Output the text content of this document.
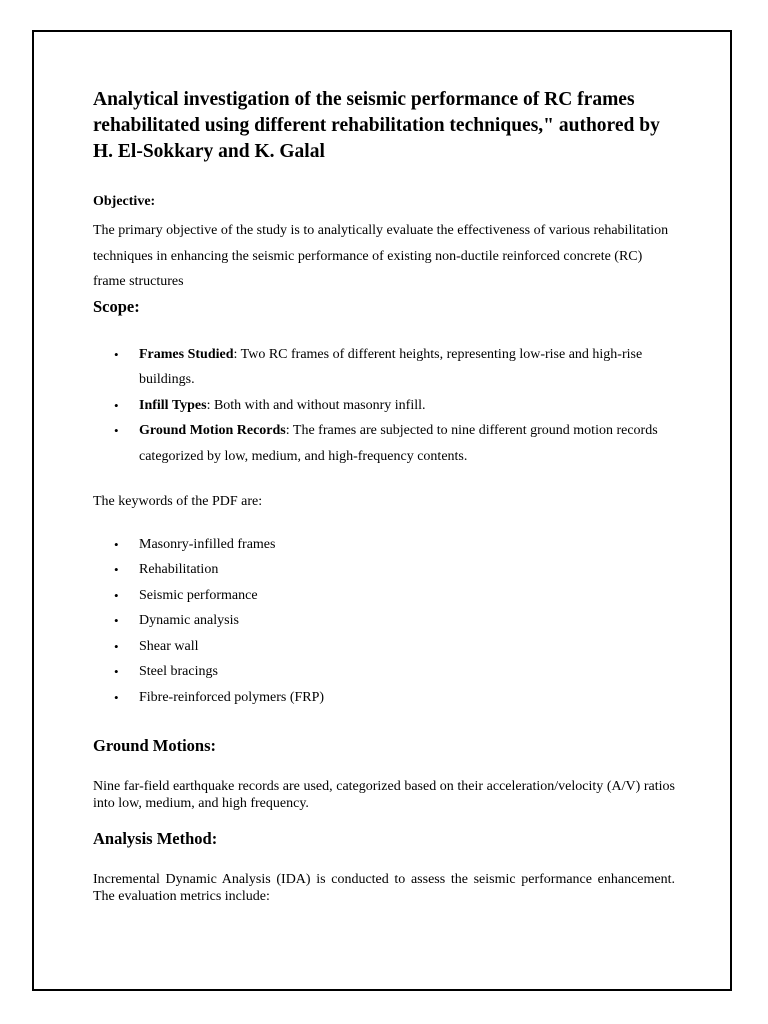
Analytical investigation of the seismic performance of RC frames rehabilitated using different rehabilitation techniques," authored by H. El-Sokkary and K. Galal

Objective:

The primary objective of the study is to analytically evaluate the effectiveness of various rehabilitation techniques in enhancing the seismic performance of existing non-ductile reinforced concrete (RC) frame structures

Scope:

• Frames Studied: Two RC frames of different heights, representing low-rise and high-rise buildings.
• Infill Types: Both with and without masonry infill.
• Ground Motion Records: The frames are subjected to nine different ground motion records categorized by low, medium, and high-frequency contents.

The keywords of the PDF are:

• Masonry-infilled frames
• Rehabilitation
• Seismic performance
• Dynamic analysis
• Shear wall
• Steel bracings
• Fibre-reinforced polymers (FRP)

Ground Motions:

Nine far-field earthquake records are used, categorized based on their acceleration/velocity (A/V) ratios into low, medium, and high frequency.

Analysis Method:

Incremental Dynamic Analysis (IDA) is conducted to assess the seismic performance enhancement. The evaluation metrics include:
